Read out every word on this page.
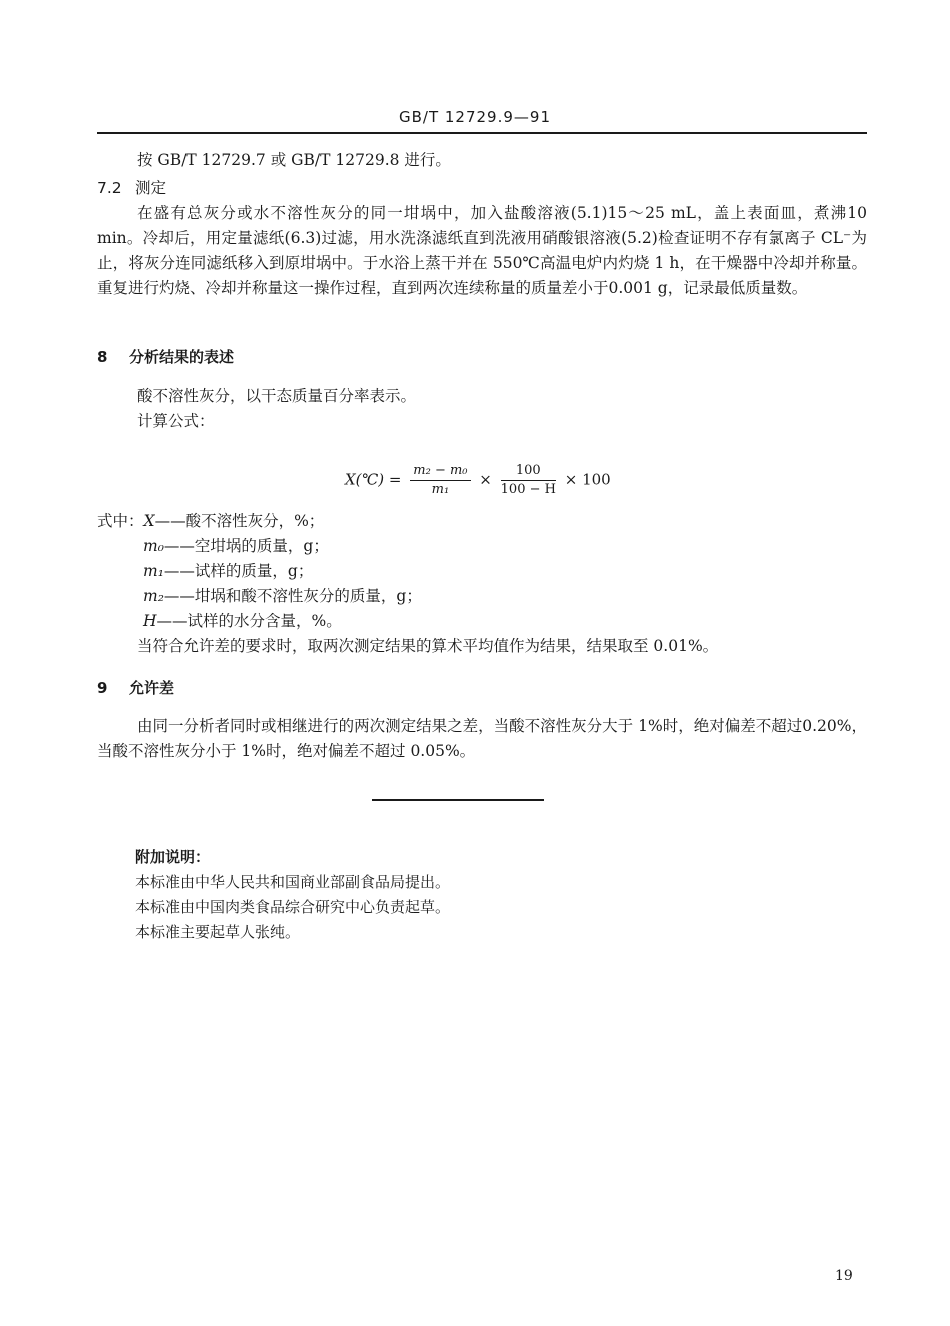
GB/T 12729.9—91
按 GB/T 12729.7 或 GB/T 12729.8 进行。
7.2 测定
在盛有总灰分或水不溶性灰分的同一坩埚中，加入盐酸溶液(5.1)15～25 mL，盖上表面皿，煮沸10 min。冷却后，用定量滤纸(6.3)过滤，用水洗涤滤纸直到洗液用硝酸银溶液(5.2)检查证明不存有氯离子 CL⁻为止，将灰分连同滤纸移入到原坩埚中。于水浴上蒸干并在 550℃高温电炉内灼烧 1 h，在干燥器中冷却并称量。重复进行灼烧、冷却并称量这一操作过程，直到两次连续称量的质量差小于0.001 g，记录最低质量数。
8 分析结果的表述
酸不溶性灰分，以干态质量百分率表示。
计算公式：
X(℃) = $\frac{\text{m₂ − m₀}}{\text{m₁}} \times \frac{100}{100 - H} \times 100$
式中：X——酸不溶性灰分，%；
m₀——空坩埚的质量，g；
m₁——试样的质量，g；
m₂——坩埚和酸不溶性灰分的质量，g；
H——试样的水分含量，%。
当符合允许差的要求时，取两次测定结果的算术平均值作为结果，结果取至 0.01%。
9 允许差
由同一分析者同时或相继进行的两次测定结果之差，当酸不溶性灰分大于 1%时，绝对偏差不超过0.20%，当酸不溶性灰分小于 1%时，绝对偏差不超过 0.05%。
附加说明：
本标准由中华人民共和国商业部副食品局提出。
本标准由中国肉类食品综合研究中心负责起草。
本标准主要起草人张纯。
19
